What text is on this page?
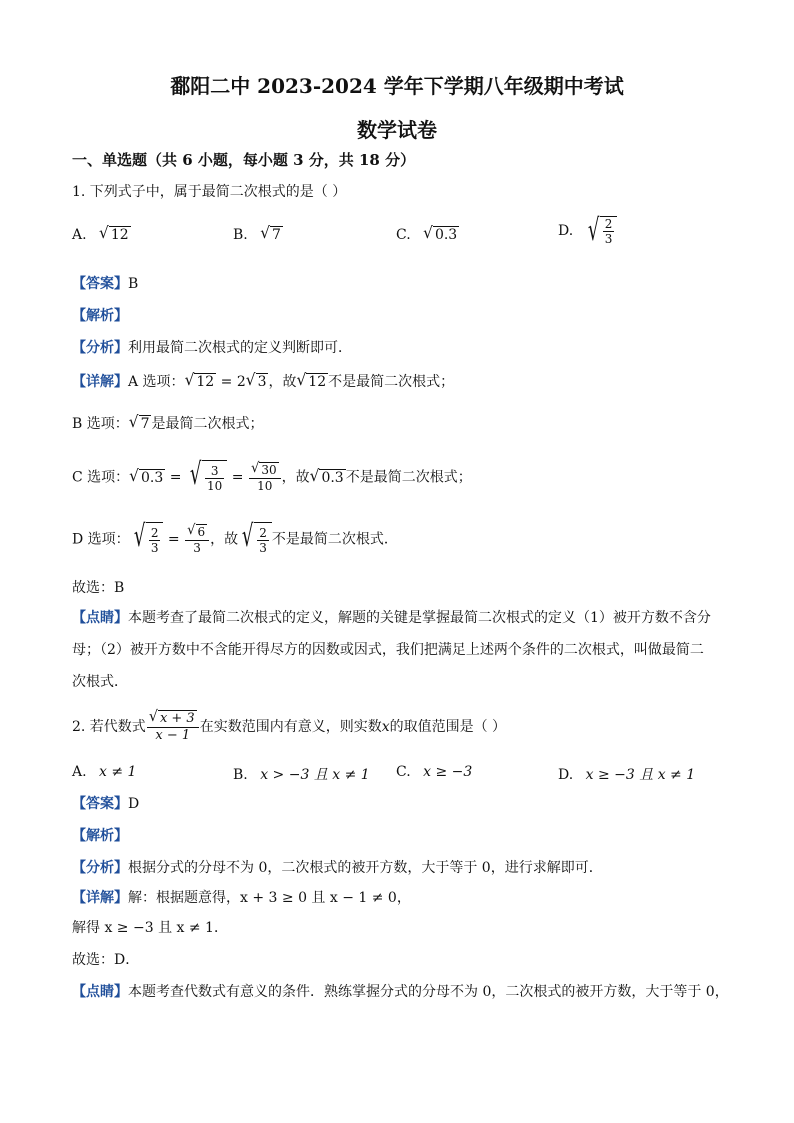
鄱阳二中 2023-2024 学年下学期八年级期中考试
数学试卷
一、单选题（共 6 小题，每小题 3 分，共 18 分）
1. 下列式子中，属于最简二次根式的是（ ）
A. √ 12	B. √ 7	C. √ 0.3	D. √ $\frac{2}{3}$
【答案】B
【解析】
【分析】利用最简二次根式的定义判断即可．
【详解】A 选项： √ 12 = 2 √ 3 ，故 √ 12 不是最简二次根式；
B 选项： √ 7 是最简二次根式；
C 选项： √ 0.3 = √ $\frac{3}{10} = \frac{√ 30}{10}$ ，故 √ 0.3 不是最简二次根式；
D 选项： √ $\frac{2}{3} = \frac{√ 6}{3}$ ，故 √ $\frac{2}{3}$ 不是最简二次根式．
故选：B
【点睛】本题考查了最简二次根式的定义，解题的关键是掌握最简二次根式的定义（1）被开方数不含分
母；（2）被开方数中不含能开得尽方的因数或因式，我们把满足上述两个条件的二次根式，叫做最简二
次根式．
2. 若代数式 $\frac{√ x + 3}{x - 1}$ 在实数范围内有意义，则实数x的取值范围是（ ）
A. x ≠ 1	B. x > −3 且 x ≠ 1 C. x ≥ −3	D. x ≥ −3 且 x ≠ 1
【答案】D
【解析】
【分析】根据分式的分母不为 0，二次根式的被开方数，大于等于 0，进行求解即可．
【详解】解：根据题意得，x + 3 ≥ 0 且 x − 1 ≠ 0，
解得 x ≥ −3 且 x ≠ 1．
故选：D．
【点睛】本题考查代数式有意义的条件．熟练掌握分式的分母不为 0，二次根式的被开方数，大于等于 0，
